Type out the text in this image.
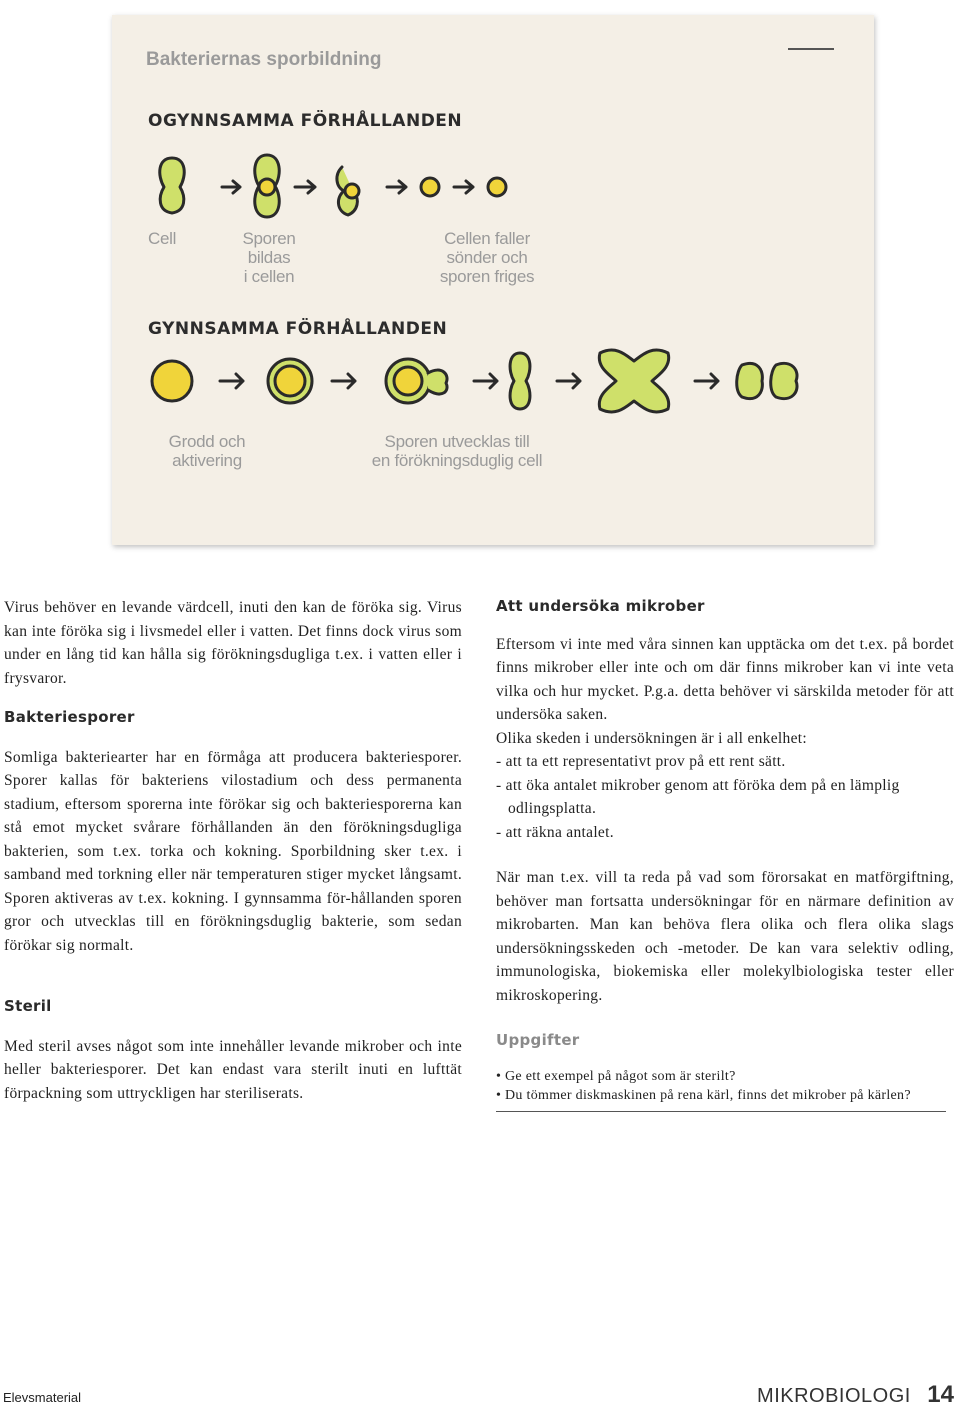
Bakteriernas sporbildning
OGYNNSAMMA FÖRHÅLLANDEN
GYNNSAMMA FÖRHÅLLANDEN
Cell	Sporen
bildas
i cellen
Cellen faller
sönder och
sporen friges
Grodd och
aktivering
Sporen utvecklas till
en förökningsduglig cell

Virus behöver en levande värdcell, inuti den kan de föröka sig. Virus kan inte föröka sig i livsmedel eller i vatten. Det finns dock virus som under en lång tid kan hålla sig förökningsdugliga t.ex. i vatten eller i frysvaror.

Bakteriesporer

Somliga bakteriearter har en förmåga att producera bakteriesporer. Sporer kallas för bakteriens vilostadium och dess permanenta stadium, eftersom sporerna inte förökar sig och bakteriesporerna kan stå emot mycket svårare förhållanden än den förökningsdugliga bakterien, som t.ex. torka och kokning. Sporbildning sker t.ex. i samband med torkning eller när temperaturen stiger mycket långsamt. Sporen aktiveras av t.ex. kokning. I gynnsamma för-hållanden sporen gror och utvecklas till en förökningsduglig bakterie, som sedan förökar sig normalt.

Steril

Med steril avses något som inte innehåller levande mikrober och inte heller bakteriesporer. Det kan endast vara sterilt inuti en lufttät förpackning som uttryckligen har steriliserats.

Att undersöka mikrober

Eftersom vi inte med våra sinnen kan upptäcka om det t.ex. på bordet finns mikrober eller inte och om där finns mikrober kan vi inte veta vilka och hur mycket. P.g.a. detta behöver vi särskilda metoder för att undersöka saken.

Olika skeden i undersökningen är i all enkelhet:

- att ta ett representativt prov på ett rent sätt.

- att öka antalet mikrober genom att föröka dem på en lämplig odlingsplatta.

- att räkna antalet.

När man t.ex. vill ta reda på vad som förorsakat en matförgiftning, behöver man fortsatta undersökningar för en närmare definition av mikrobarten. Man kan behöva flera olika och flera olika slags undersökningsskeden och -metoder. De kan vara selektiv odling, immunologiska, biokemiska eller molekylbiologiska tester eller mikroskopering.

Uppgifter
• Ge ett exempel på något som är sterilt?
• Du tömmer diskmaskinen på rena kärl, finns det mikrober på kärlen?
Elevsmaterial	MIKROBIOLOGI 14
